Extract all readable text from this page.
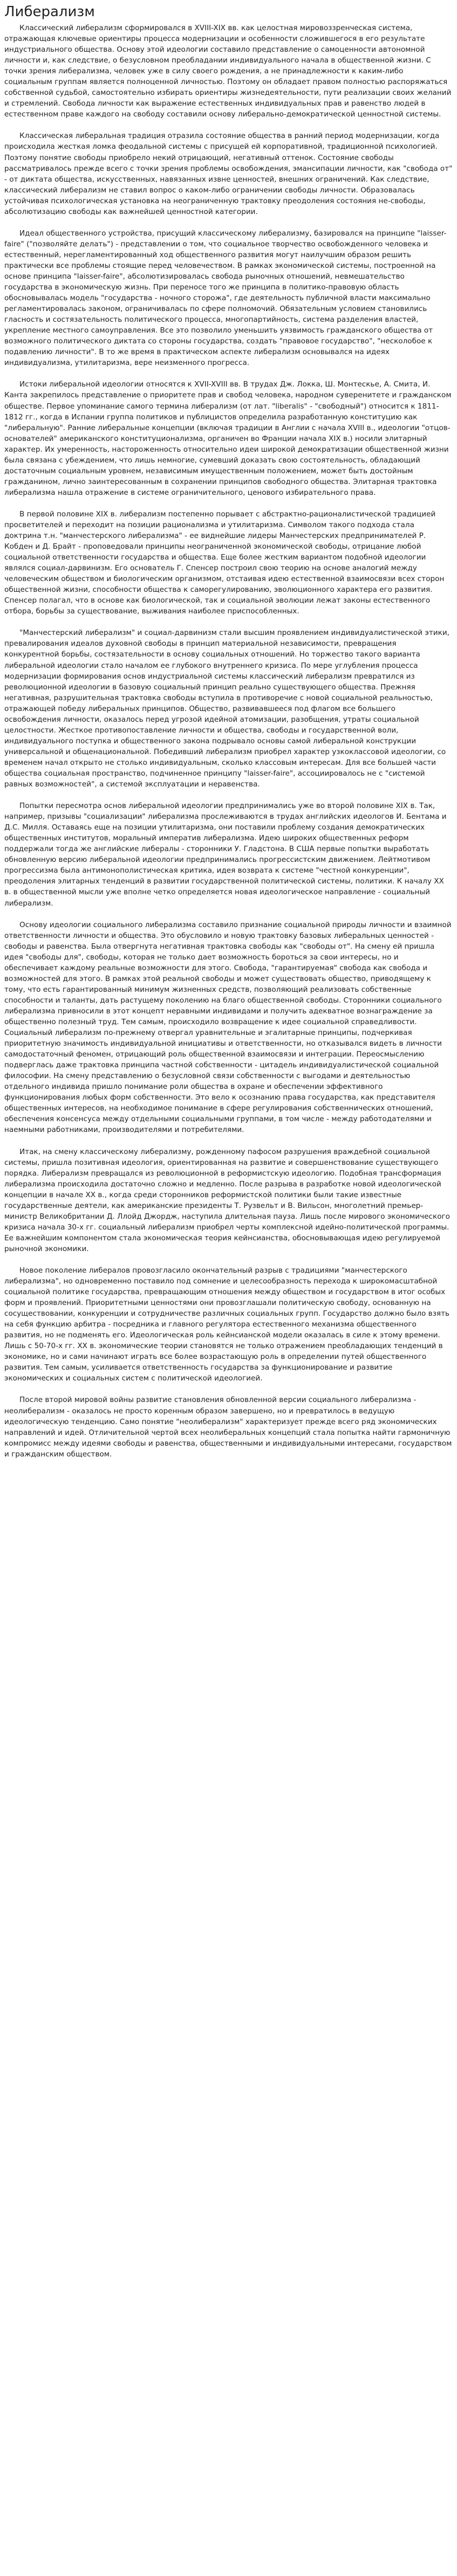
Либерализм

Классический либерализм сформировался в XVIII-XIX вв. как целостная мировоззренческая система, отражающая ключевые ориентиры процесса модернизации и особенности сложившегося в его результате индустриального общества. Основу этой идеологии составило представление о самоценности автономной личности и, как следствие, о безусловном преобладании индивидуального начала в общественной жизни. С точки зрения либерализма, человек уже в силу своего рождения, а не принадлежности к каким-либо социальным группам является полноценной личностью. Поэтому он обладает правом полностью распоряжаться собственной судьбой, самостоятельно избирать ориентиры жизнедеятельности, пути реализации своих желаний и стремлений. Свобода личности как выражение естественных индивидуальных прав и равенство людей в естественном праве каждого на свободу составили основу либерально-демократической ценностной системы.

Классическая либеральная традиция отразила состояние общества в ранний период модернизации, когда происходила жесткая ломка феодальной системы с присущей ей корпоративной, традиционной психологией. Поэтому понятие свободы приобрело некий отрицающий, негативный оттенок. Состояние свободы рассматривалось прежде всего с точки зрения проблемы освобождения, эмансипации личности, как "свобода от" - от диктата общества, искусственных, навязанных извне ценностей, внешних ограничений. Как следствие, классический либерализм не ставил вопрос о каком-либо ограничении свободы личности. Образовалась устойчивая психологическая установка на неограниченную трактовку преодоления состояния не-свободы, абсолютизацию свободы как важнейшей ценностной категории.

Идеал общественного устройства, присущий классическому либерализму, базировался на принципе "laisser-faire" ("позволяйте делать") - представлении о том, что социальное творчество освобожденного человека и естественный, нерегламентированный ход общественного развития могут наилучшим образом решить практически все проблемы стоящие перед человечеством. В рамках экономической системы, построенной на основе принципа "laisser-faire", абсолютизировалась свобода рыночных отношений, невмешательство государства в экономическую жизнь. При переносе того же принципа в политико-правовую область обосновывалась модель "государства - ночного сторожа", где деятельность публичной власти максимально регламентировалась законом, ограничивалась по сфере полномочий. Обязательным условием становились гласность и состязательность политического процесса, многопартийность, система разделения властей, укрепление местного самоуправления. Все это позволило уменьшить уязвимость гражданского общества от возможного политического диктата со стороны государства, создать "правовое государство", "несколобое к подавлению личности". В то же время в практическом аспекте либерализм основывался на идеях индивидуализма, утилитаризма, вере неизменного прогресса.

Истоки либеральной идеологии относятся к XVII-XVIII вв. В трудах Дж. Локка, Ш. Монтескье, А. Смита, И. Канта закрепилось представление о приоритете прав и свобод человека, народном суверенитете и гражданском обществе. Первое упоминание самого термина либерализм (от лат. "liberalis" - "свободный") относится к 1811-1812 гг., когда в Испании группа политиков и публицистов определила разработанную конституцию как "либеральную". Ранние либеральные концепции (включая традиции в Англии с начала XVIII в., идеологии "отцов-основателей" американского конституционализма, органичен во Франции начала XIX в.) носили элитарный характер. Их умеренность, настороженность относительно идеи широкой демократизации общественной жизни была связана с убеждением, что лишь немногие, сумевший доказать свою состоятельность, обладающий достаточным социальным уровнем, независимым имущественным положением, может быть достойным гражданином, лично заинтересованным в сохранении принципов свободного общества. Элитарная трактовка либерализма нашла отражение в системе ограничительного, ценового избирательного права.

В первой половине XIX в. либерализм постепенно порывает с абстрактно-рационалистической традицией просветителей и переходит на позиции рационализма и утилитаризма. Символом такого подхода стала доктрина т.н. "манчестерского либерализма" - ее виднейшие лидеры Манчестерских предпринимателей Р. Кобден и Д. Брайт - проповедовали принципы неограниченной экономической свободы, отрицание любой социальной ответственности государства и общества. Еще более жестким вариантом подобной идеологии являлся социал-дарвинизм. Его основатель Г. Спенсер построил свою теорию на основе аналогий между человеческим обществом и биологическим организмом, отстаивая идею естественной взаимосвязи всех сторон общественной жизни, способности общества к саморегулированию, эволюционного характера его развития. Спенсер полагал, что в основе как биологической, так и социальной эволюции лежат законы естественного отбора, борьбы за существование, выживания наиболее приспособленных.

"Манчестерский либерализм" и социал-дарвинизм стали высшим проявлением индивидуалистической этики, превалирования идеалов духовной свободы в принцип материальной независимости, превращения конкурентной борьбы, состязательности в основу социальных отношений. Но торжество такого варианта либеральной идеологии стало началом ее глубокого внутреннего кризиса. По мере углубления процесса модернизации формирования основ индустриальной системы классический либерализм превратился из революционной идеологии в базовую социальный принцип реально существующего общества. Прежняя негативная, разрушительная трактовка свободы вступила в противоречие с новой социальной реальностью, отражающей победу либеральных принципов. Общество, развивавшееся под флагом все большего освобождения личности, оказалось перед угрозой идейной атомизации, разобщения, утраты социальной целостности. Жесткое противопоставление личности и общества, свободы и государственной воли, индивидуального поступка и общественного закона подрывало основы самой либеральной конструкции универсальной и общенациональной. Победивший либерализм приобрел характер узкоклассовой идеологии, со временем начал открыто не столько индивидуальным, сколько классовым интересам. Для все большей части общества социальная пространство, подчиненное принципу "laisser-faire", ассоциировалось не с "системой равных возможностей", а системой эксплуатации и неравенства.

Попытки пересмотра основ либеральной идеологии предпринимались уже во второй половине XIX в. Так, например, призывы "социализации" либерализма прослеживаются в трудах английских идеологов И. Бентама и Д.С. Милля. Оставаясь еще на позиции утилитаризма, они поставили проблему создания демократических общественных институтов, моральный императив либерализма. Идею широких общественных реформ поддержали тогда же английские либералы - сторонники У. Гладстона. В США первые попытки выработать обновленную версию либеральной идеологии предпринимались прогрессистским движением. Лейтмотивом прогрессизма была антимонополистическая критика, идея возврата к системе "честной конкуренции", преодоления элитарных тенденций в развитии государственной политической системы, политики. К началу XX в. в общественной мысли уже вполне четко определяется новая идеологическое направление - социальный либерализм.

Основу идеологии социального либерализма составило признание социальной природы личности и взаимной ответственности личности и общества. Это обусловило и новую трактовку базовых либеральных ценностей - свободы и равенства. Была отвергнута негативная трактовка свободы как "свободы от". На смену ей пришла идея "свободы для", свободы, которая не только дает возможность бороться за свои интересы, но и обеспечивает каждому реальные возможности для этого. Свобода, "гарантируемая" свобода как свобода и возможностей для этого. В рамках этой реальной свободы и может существовать общество, приводящему к тому, что есть гарантированный минимум жизненных средств, позволяющий реализовать собственные способности и таланты, дать растущему поколению на благо общественной свободы. Сторонники социального либерализма привносили в этот концепт неравными индивидами и получить адекватное вознаграждение за общественно полезный труд. Тем самым, происходило возвращение к идее социальной справедливости. Социальный либерализм по-прежнему отвергал уравнительные и эгалитарные принципы, подчеркивая приоритетную значимость индивидуальной инициативы и ответственности, но отказывался видеть в личности самодостаточный феномен, отрицающий роль общественной взаимосвязи и интеграции. Переосмыслению подверглась даже трактовка принципа частной собственности - цитадель индивидуалистической социальной философии. На смену представлению о безусловной связи собственности с выгодами и деятельностью отдельного индивида пришло понимание роли общества в охране и обеспечении эффективного функционирования любых форм собственности. Это вело к осознанию права государства, как представителя общественных интересов, на необходимое понимание в сфере регулирования собственнических отношений, обеспечения консенсуса между отдельными социальными группами, в том числе - между работодателями и наемными работниками, производителями и потребителями.

Итак, на смену классическому либерализму, рожденному пафосом разрушения враждебной социальной системы, пришла позитивная идеология, ориентированная на развитие и совершенствование существующего порядка. Либерализм превращался из революционной в реформистскую идеологию. Подобная трансформация либерализма происходила достаточно сложно и медленно. После разрыва в разработке новой идеологической концепции в начале XX в., когда среди сторонников реформистской политики были такие известные государственные деятели, как американские президенты Т. Рузвельт и В. Вильсон, многолетний премьер-министр Великобритании Д. Ллойд Джордж, наступила длительная пауза. Лишь после мирового экономического кризиса начала 30-х гг. социальный либерализм приобрел черты комплексной идейно-политической программы. Ее важнейшим компонентом стала экономическая теория кейнсианства, обосновывающая идею регулируемой рыночной экономики.

Новое поколение либералов провозгласило окончательный разрыв с традициями "манчестерского либерализма", но одновременно поставило под сомнение и целесообразность перехода к широкомасштабной социальной политике государства, превращающим отношения между обществом и государством в итог особых форм и проявлений. Приоритетными ценностями они провозглашали политическую свободу, основанную на сосуществовании, конкуренции и сотрудничестве различных социальных групп. Государство должно было взять на себя функцию арбитра - посредника и главного регулятора естественного механизма общественного развития, но не подменять его. Идеологическая роль кейнсианской модели оказалась в силе к этому времени. Лишь с 50-70-х гг. XX в. экономические теории становятся не только отражением преобладающих тенденций в экономике, но и сами начинают играть все более возрастающую роль в определении путей общественного развития. Тем самым, усиливается ответственность государства за функционирование и развитие экономических и социальных систем с политической идеологией.

После второй мировой войны развитие становления обновленной версии социального либерализма - неолиберализм - оказалось не просто коренным образом завершено, но и превратилось в ведущую идеологическую тенденцию. Само понятие "неолиберализм" характеризует прежде всего ряд экономических направлений и идей. Отличительной чертой всех неолиберальных концепций стала попытка найти гармоничную компромисс между идеями свободы и равенства, общественными и индивидуальными интересами, государством и гражданским обществом.
